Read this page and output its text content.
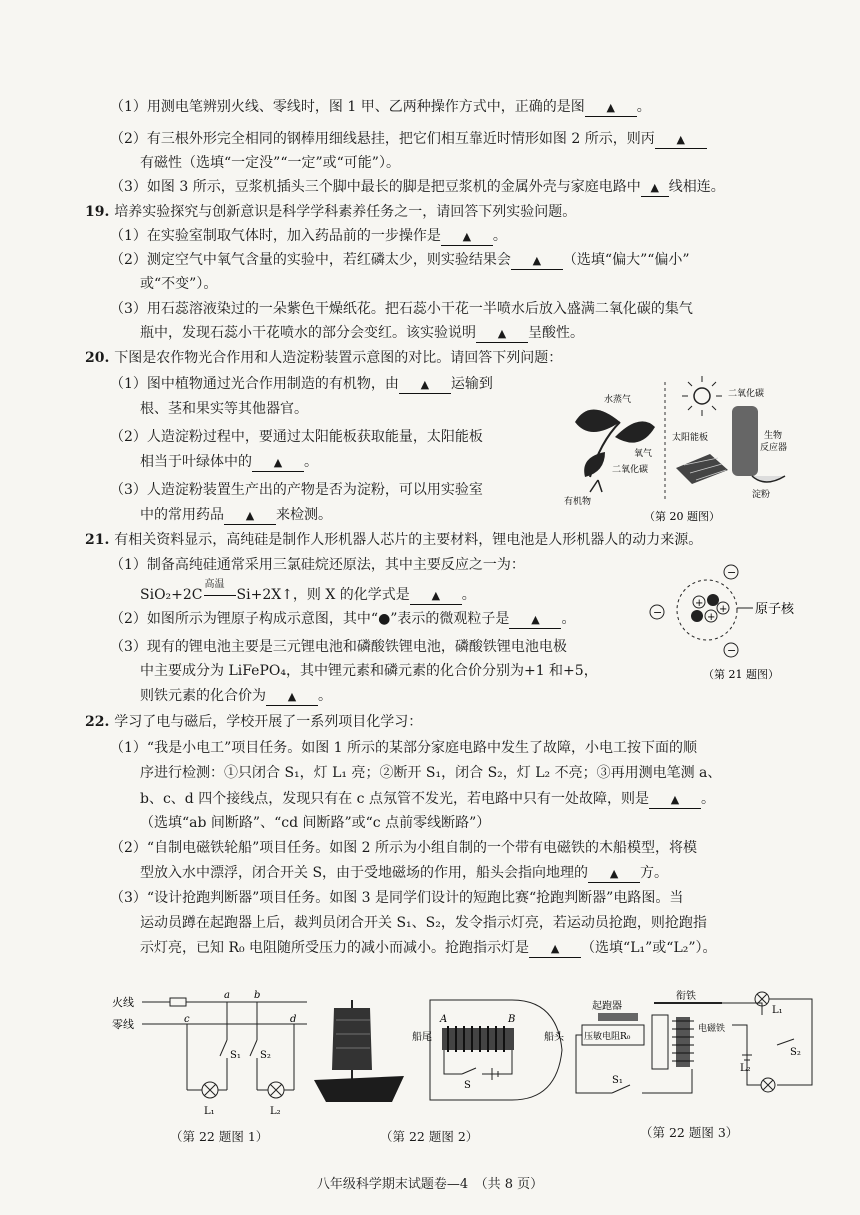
（1）用测电笔辨别火线、零线时，图 1 甲、乙两种操作方式中，正确的是图 ▲ 。
（2）有三根外形完全相同的钢棒用细线悬挂，把它们相互靠近时情形如图 2 所示，则丙 ▲
有磁性（选填“一定没”“一定”或“可能”）。
（3）如图 3 所示，豆浆机插头三个脚中最长的脚是把豆浆机的金属外壳与家庭电路中 ▲ 线相连。
19. 培养实验探究与创新意识是科学学科素养任务之一，请回答下列实验问题。
（1）在实验室制取气体时，加入药品前的一步操作是 ▲ 。
（2）测定空气中氧气含量的实验中，若红磷太少，则实验结果会 ▲ （选填“偏大”“偏小”
或“不变”）。
（3）用石蕊溶液染过的一朵紫色干燥纸花。把石蕊小干花一半喷水后放入盛满二氧化碳的集气
瓶中，发现石蕊小干花喷水的部分会变红。该实验说明 ▲ 呈酸性。
20. 下图是农作物光合作用和人造淀粉装置示意图的对比。请回答下列问题：
（1）图中植物通过光合作用制造的有机物，由 ▲ 运输到
根、茎和果实等其他器官。
（2）人造淀粉过程中，要通过太阳能板获取能量，太阳能板
相当于叶绿体中的 ▲ 。
（3）人造淀粉装置生产出的产物是否为淀粉，可以用实验室
中的常用药品 ▲ 来检测。
水蒸气
氧气
二氧化碳
有机物
二氧化碳
太阳能板	生物
反应器
淀粉
（第 20 题图）
21. 有相关资料显示，高纯硅是制作人形机器人芯片的主要材料，锂电池是人形机器人的动力来源。
（1）制备高纯硅通常采用三氯硅烷还原法，其中主要反应之一为：
SiO₂+2C
高温
Si+2X↑，则 X 的化学式是 ▲ 。
（2）如图所示为锂原子构成示意图，其中“●”表示的微观粒子是 ▲ 。
（3）现有的锂电池主要是三元锂电池和磷酸铁锂电池，磷酸铁锂电池电极
中主要成分为 LiFePO₄，其中锂元素和磷元素的化合价分别为+1 和+5，
则铁元素的化合价为 ▲ 。
+
+
+
−
−
−
原子核
（第 21 题图）
22. 学习了电与磁后，学校开展了一系列项目化学习：
（1）“我是小电工”项目任务。如图 1 所示的某部分家庭电路中发生了故障，小电工按下面的顺
序进行检测：①只闭合 S₁，灯 L₁ 亮；②断开 S₁，闭合 S₂，灯 L₂ 不亮；③再用测电笔测 a、
b、c、d 四个接线点，发现只有在 c 点氖管不发光，若电路中只有一处故障，则是 ▲ 。
（选填“ab 间断路”、“cd 间断路”或“c 点前零线断路”）
（2）“自制电磁铁轮船”项目任务。如图 2 所示为小组自制的一个带有电磁铁的木船模型，将模
型放入水中漂浮，闭合开关 S，由于受地磁场的作用，船头会指向地理的 ▲ 方。
（3）“设计抢跑判断器”项目任务。如图 3 是同学们设计的短跑比赛“抢跑判断器”电路图。当
运动员蹲在起跑器上后，裁判员闭合开关 S₁、S₂，发令指示灯亮，若运动员抢跑，则抢跑指
示灯亮，已知 R₀ 电阻随所受压力的减小而减小。抢跑指示灯是 ▲ （选填“L₁”或“L₂”）。
火线
零线
a b
c	d
S₁ S₂
L₁	L₂
（第 22 题图 1）
船尾	船头
A	B
S
（第 22 题图 2）
起跑器
衔铁
压敏电阻R₀
电磁铁
S₁
L₁
S₂
L₂
（第 22 题图 3）
八年级科学期末试题卷—4　（共 8 页）
